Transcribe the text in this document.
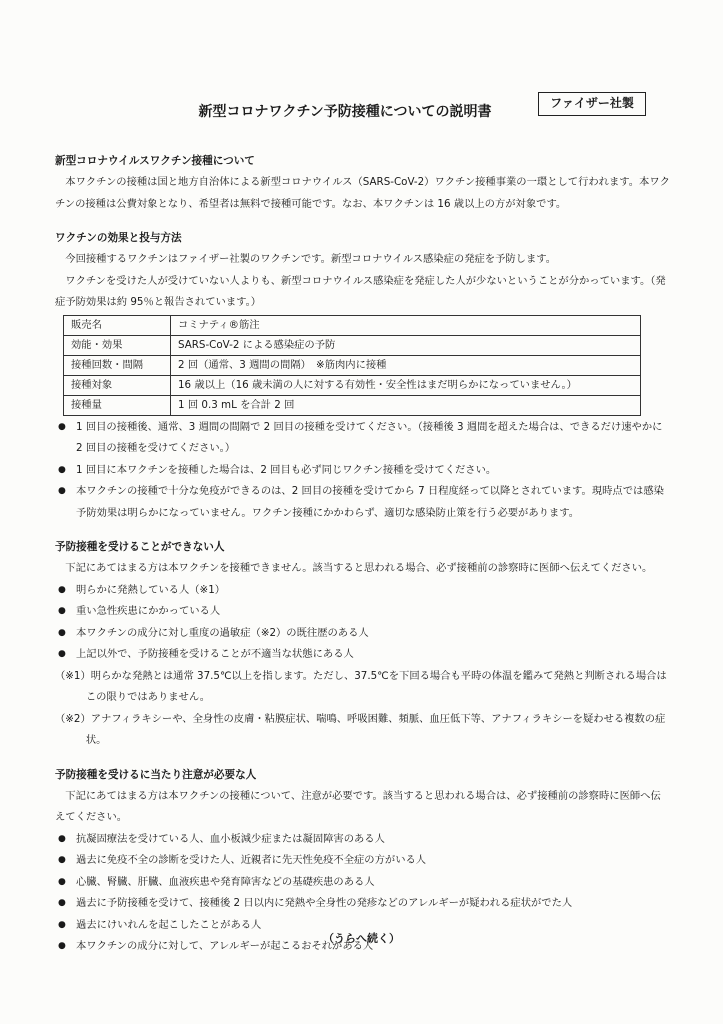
新型コロナワクチン予防接種についての説明書
ファイザー社製
新型コロナウイルスワクチン接種について

本ワクチンの接種は国と地方自治体による新型コロナウイルス（SARS-CoV-2）ワクチン接種事業の一環として行われます。本ワクチンの接種は公費対象となり、希望者は無料で接種可能です。なお、本ワクチンは 16 歳以上の方が対象です。

ワクチンの効果と投与方法

今回接種するワクチンはファイザー社製のワクチンです。新型コロナウイルス感染症の発症を予防します。

ワクチンを受けた人が受けていない人よりも、新型コロナウイルス感染症を発症した人が少ないということが分かっています。（発症予防効果は約 95％と報告されています。）

販売名	コミナティ®筋注
効能・効果	SARS-CoV-2 による感染症の予防
接種回数・間隔	2 回（通常、3 週間の間隔）　※筋肉内に接種
接種対象	16 歳以上（16 歳未満の人に対する有効性・安全性はまだ明らかになっていません。）
接種量	1 回 0.3 mL を合計 2 回
● 1 回目の接種後、通常、3 週間の間隔で 2 回目の接種を受けてください。（接種後 3 週間を超えた場合は、できるだけ速やかに 2 回目の接種を受けてください。）
● 1 回目に本ワクチンを接種した場合は、2 回目も必ず同じワクチン接種を受けてください。
● 本ワクチンの接種で十分な免疫ができるのは、2 回目の接種を受けてから 7 日程度経って以降とされています。現時点では感染予防効果は明らかになっていません。ワクチン接種にかかわらず、適切な感染防止策を行う必要があります。
予防接種を受けることができない人

下記にあてはまる方は本ワクチンを接種できません。該当すると思われる場合、必ず接種前の診察時に医師へ伝えてください。

● 明らかに発熱している人（※1）
● 重い急性疾患にかかっている人
● 本ワクチンの成分に対し重度の過敏症（※2）の既往歴のある人
● 上記以外で、予防接種を受けることが不適当な状態にある人

（※1）明らかな発熱とは通常 37.5℃以上を指します。ただし、37.5℃を下回る場合も平時の体温を鑑みて発熱と判断される場合はこの限りではありません。

（※2）アナフィラキシーや、全身性の皮膚・粘膜症状、喘鳴、呼吸困難、頻脈、血圧低下等、アナフィラキシーを疑わせる複数の症状。

予防接種を受けるに当たり注意が必要な人

下記にあてはまる方は本ワクチンの接種について、注意が必要です。該当すると思われる場合は、必ず接種前の診察時に医師へ伝えてください。

● 抗凝固療法を受けている人、血小板減少症または凝固障害のある人
● 過去に免疫不全の診断を受けた人、近親者に先天性免疫不全症の方がいる人
● 心臓、腎臓、肝臓、血液疾患や発育障害などの基礎疾患のある人
● 過去に予防接種を受けて、接種後 2 日以内に発熱や全身性の発疹などのアレルギーが疑われる症状がでた人
● 過去にけいれんを起こしたことがある人
● 本ワクチンの成分に対して、アレルギーが起こるおそれがある人
（うらへ続く）
